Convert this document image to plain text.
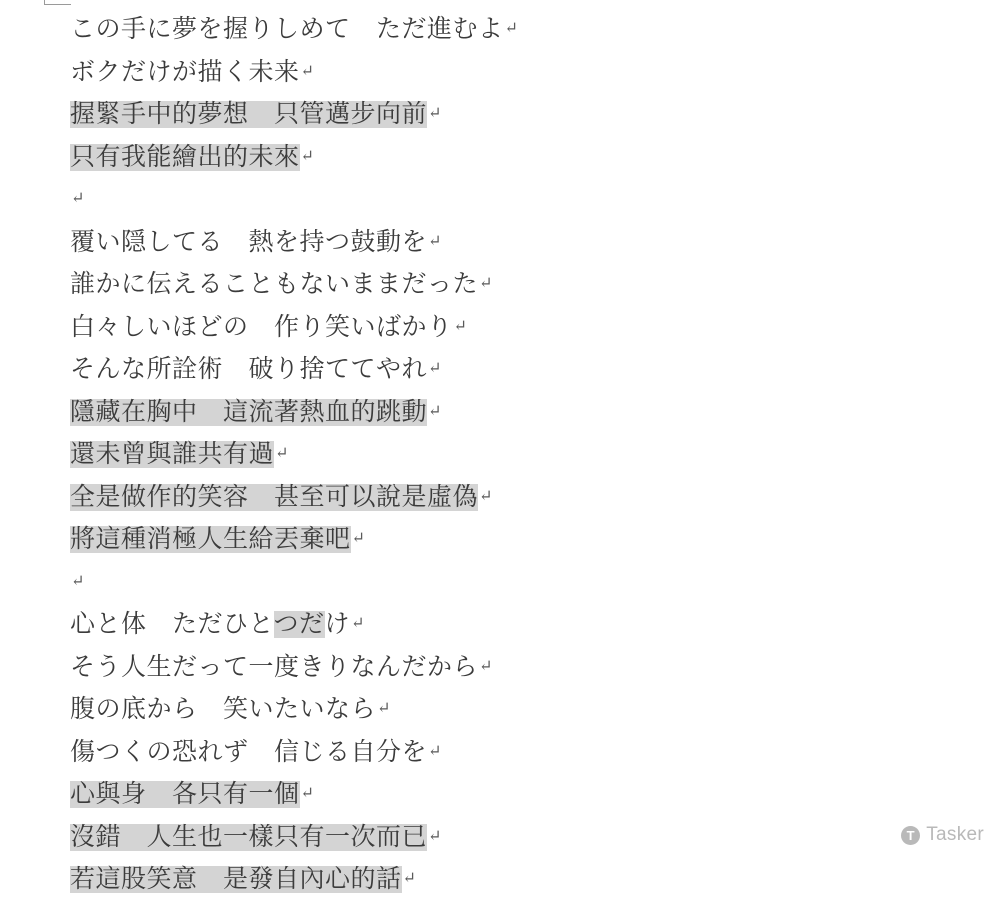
この手に夢を握りしめて　ただ進むよ↵
ボクだけが描く未来↵
握緊手中的夢想　只管邁步向前↵
只有我能繪出的未來↵
↵
覆い隠してる　熱を持つ鼓動を↵
誰かに伝えることもないままだった↵
白々しいほどの　作り笑いばかり↵
そんな所詮術　破り捨ててやれ↵
隱藏在胸中　這流著熱血的跳動↵
還未曾與誰共有過↵
全是做作的笑容　甚至可以說是虛偽↵
將這種消極人生給丟棄吧↵
↵
心と体　ただひとつだけ↵
そう人生だって一度きりなんだから↵
腹の底から　笑いたいなら↵
傷つくの恐れず　信じる自分を↵
心與身　各只有一個↵
沒錯　人生也一樣只有一次而已↵
若這股笑意　是發自內心的話↵
T Tasker
